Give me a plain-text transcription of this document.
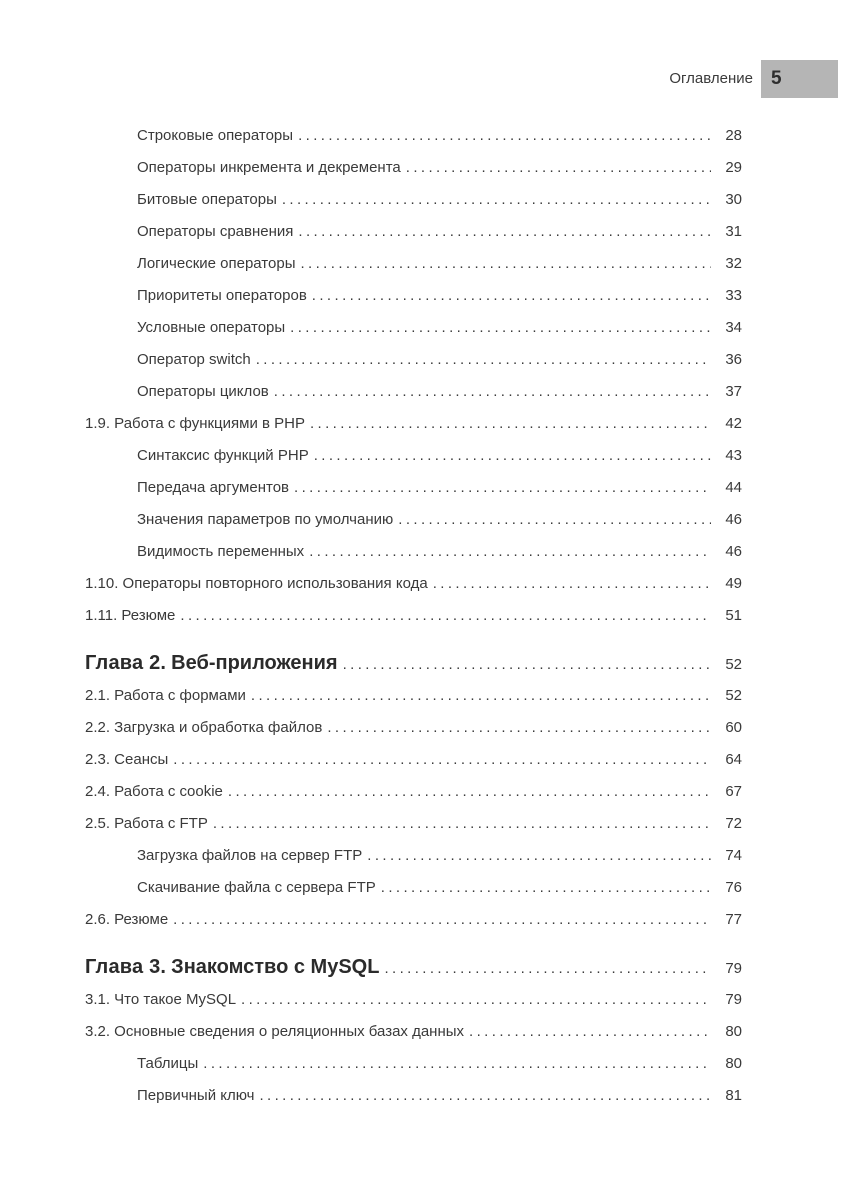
Оглавление 5
Строковые операторы .....	28
Операторы инкремента и декремента .....	29
Битовые операторы .....	30
Операторы сравнения .....	31
Логические операторы .....	32
Приоритеты операторов .....	33
Условные операторы .....	34
Оператор switch .....	36
Операторы циклов .....	37
1.9. Работа с функциями в PHP .....	42
Синтаксис функций PHP .....	43
Передача аргументов .....	44
Значения параметров по умолчанию .....	46
Видимость переменных .....	46
1.10. Операторы повторного использования кода .....	49
1.11. Резюме .....	51
Глава 2. Веб-приложения .....	52
2.1. Работа с формами .....	52
2.2. Загрузка и обработка файлов .....	60
2.3. Сеансы .....	64
2.4. Работа с cookie .....	67
2.5. Работа с FTP .....	72
Загрузка файлов на сервер FTP .....	74
Скачивание файла с сервера FTP .....	76
2.6. Резюме .....	77
Глава 3. Знакомство с MySQL .....	79
3.1. Что такое MySQL .....	79
3.2. Основные сведения о реляционных базах данных .....	80
Таблицы .....	80
Первичный ключ .....	81
